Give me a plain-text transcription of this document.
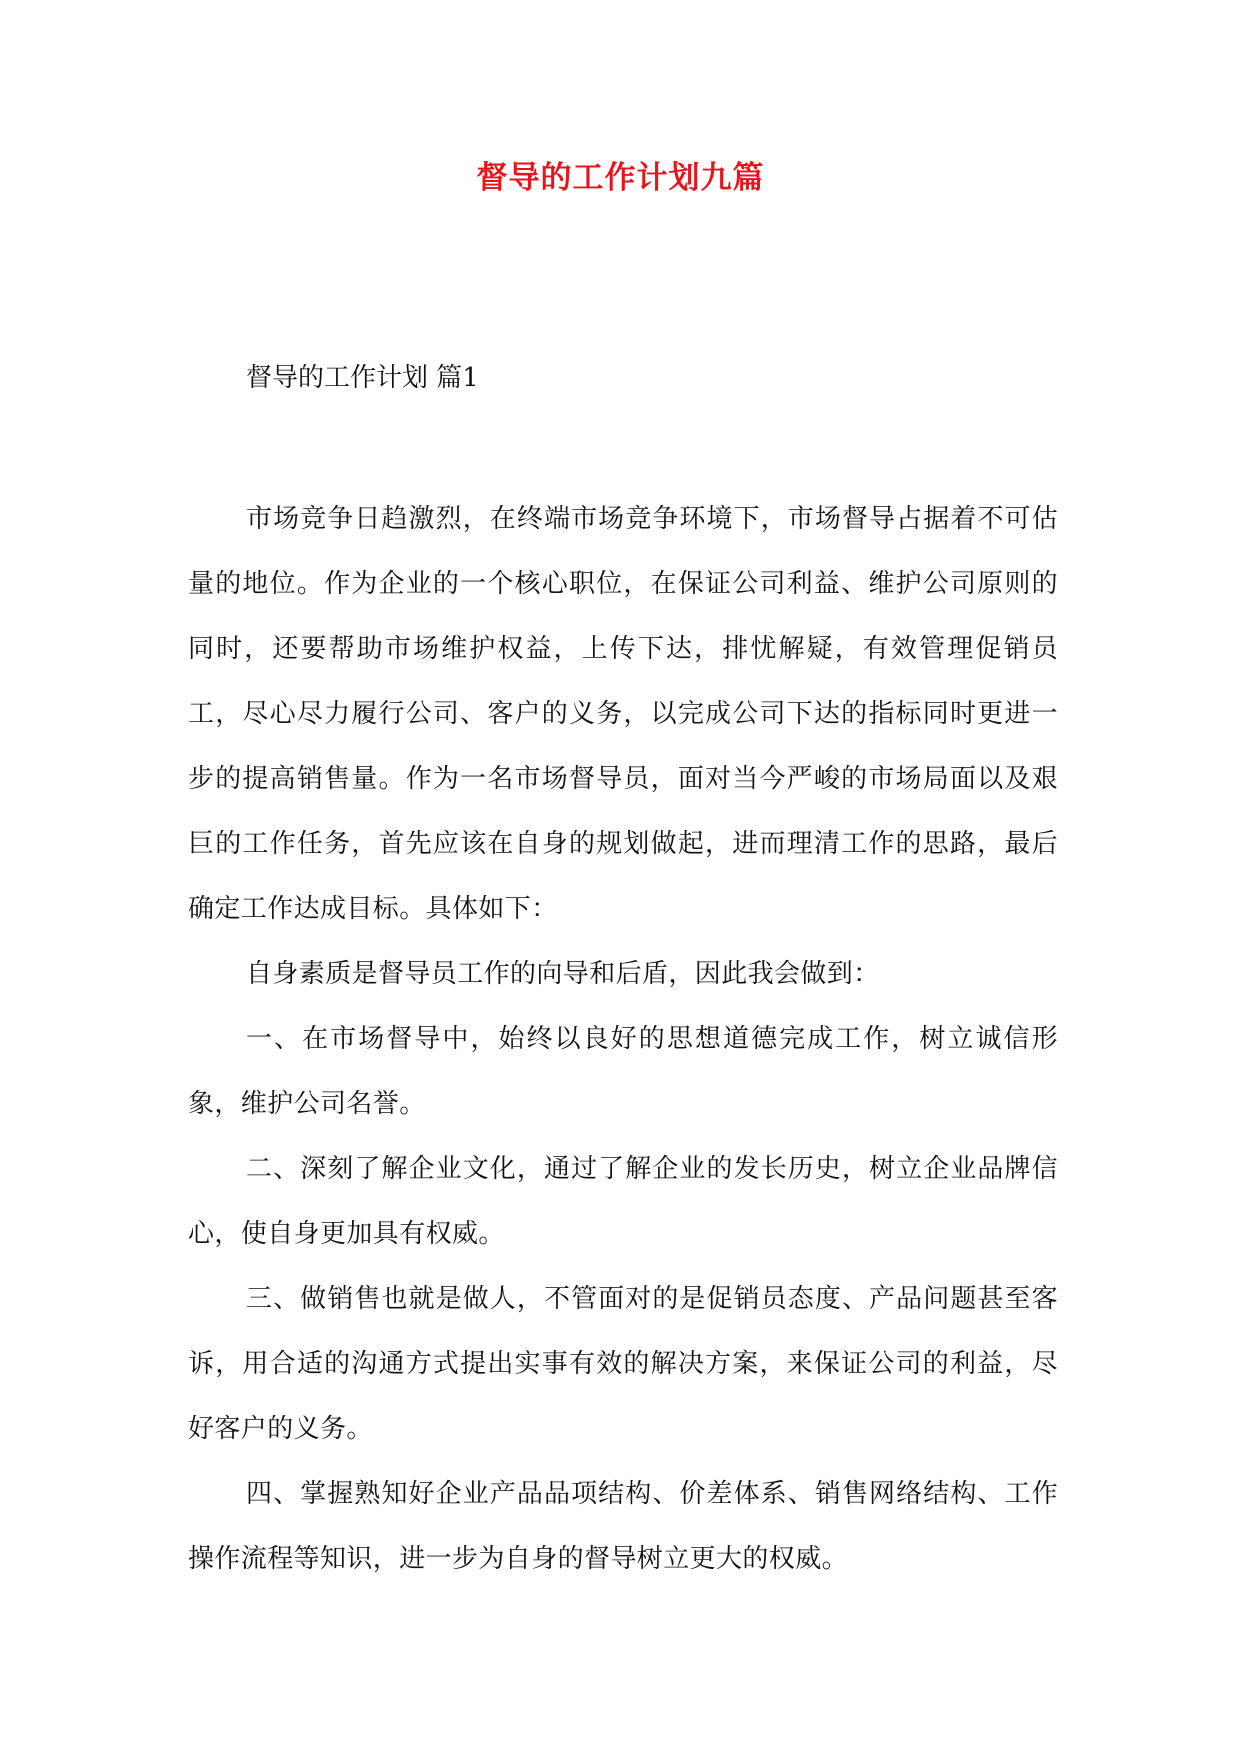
督导的工作计划九篇

督导的工作计划 篇1

市场竞争日趋激烈，在终端市场竞争环境下，市场督导占据着不可估量的地位。作为企业的一个核心职位，在保证公司利益、维护公司原则的同时，还要帮助市场维护权益，上传下达，排忧解疑，有效管理促销员工，尽心尽力履行公司、客户的义务，以完成公司下达的指标同时更进一步的提高销售量。作为一名市场督导员，面对当今严峻的市场局面以及艰巨的工作任务，首先应该在自身的规划做起，进而理清工作的思路，最后确定工作达成目标。具体如下：

自身素质是督导员工作的向导和后盾，因此我会做到：

一、在市场督导中，始终以良好的思想道德完成工作，树立诚信形象，维护公司名誉。

二、深刻了解企业文化，通过了解企业的发长历史，树立企业品牌信心，使自身更加具有权威。

三、做销售也就是做人，不管面对的是促销员态度、产品问题甚至客诉，用合适的沟通方式提出实事有效的解决方案，来保证公司的利益，尽好客户的义务。

四、掌握熟知好企业产品品项结构、价差体系、销售网络结构、工作操作流程等知识，进一步为自身的督导树立更大的权威。
